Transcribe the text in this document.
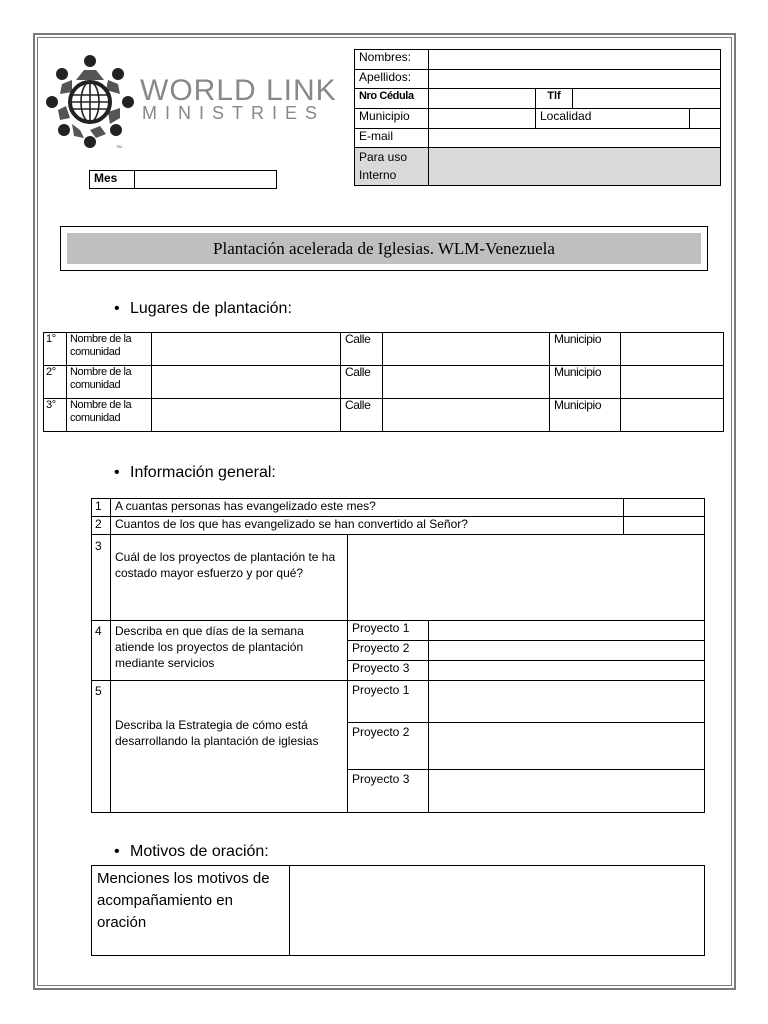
TM
WORLD LINK
MINISTRIES
Mes	
Nombres:				
Apellidos:				
Nro Cédula		Tlf		
Municipio		Localidad		
E-mail				
Para uso
Interno				
Plantación acelerada de Iglesias. WLM-Venezuela
• Lugares de plantación:
1°	Nombre de la comunidad		Calle		Municipio	
2°	Nombre de la comunidad		Calle		Municipio	
3°	Nombre de la comunidad		Calle		Municipio	
• Información general:
1	A cuantas personas has evangelizado este mes?			
2	Cuantos de los que has evangelizado se han convertido al Señor?			
3	Cuál de los proyectos de plantación te ha costado mayor esfuerzo y por qué?			
4	Describa en que días de la semana atiende los proyectos de plantación mediante servicios	Proyecto 1		
		Proyecto 2		
		Proyecto 3		
5	Describa la Estrategia de cómo está desarrollando la plantación de iglesias	Proyecto 1		
		Proyecto 2		
		Proyecto 3		
• Motivos de oración:
Menciones los motivos de acompañamiento en oración	
